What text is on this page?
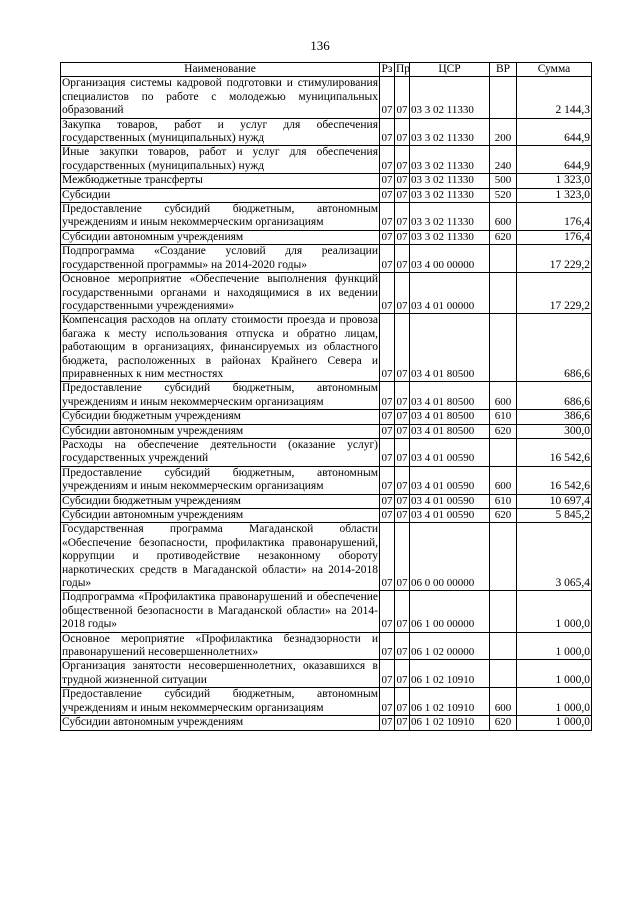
136
Наименование	Рз	Пр	ЦСР	ВР	Сумма
Организация системы кадровой подготовки и стимулирования специалистов по работе с молодежью муниципальных образований	07	07	03 3 02 11330		2 144,3
Закупка товаров, работ и услуг для обеспечения государственных (муниципальных) нужд	07	07	03 3 02 11330	200	644,9
Иные закупки товаров, работ и услуг для обеспечения государственных (муниципальных) нужд	07	07	03 3 02 11330	240	644,9
Межбюджетные трансферты	07	07	03 3 02 11330	500	1 323,0
Субсидии	07	07	03 3 02 11330	520	1 323,0
Предоставление субсидий бюджетным, автономным учреждениям и иным некоммерческим организациям	07	07	03 3 02 11330	600	176,4
Субсидии автономным учреждениям	07	07	03 3 02 11330	620	176,4
Подпрограмма «Создание условий для реализации государственной программы» на 2014-2020 годы»	07	07	03 4 00 00000		17 229,2
Основное мероприятие «Обеспечение выполнения функций государственными органами и находящимися в их ведении государственными учреждениями»	07	07	03 4 01 00000		17 229,2
Компенсация расходов на оплату стоимости проезда и провоза багажа к месту использования отпуска и обратно лицам, работающим в организациях, финансируемых из областного бюджета, расположенных в районах Крайнего Севера и приравненных к ним местностях	07	07	03 4 01 80500		686,6
Предоставление субсидий бюджетным, автономным учреждениям и иным некоммерческим организациям	07	07	03 4 01 80500	600	686,6
Субсидии бюджетным учреждениям	07	07	03 4 01 80500	610	386,6
Субсидии автономным учреждениям	07	07	03 4 01 80500	620	300,0
Расходы на обеспечение деятельности (оказание услуг) государственных учреждений	07	07	03 4 01 00590		16 542,6
Предоставление субсидий бюджетным, автономным учреждениям и иным некоммерческим организациям	07	07	03 4 01 00590	600	16 542,6
Субсидии бюджетным учреждениям	07	07	03 4 01 00590	610	10 697,4
Субсидии автономным учреждениям	07	07	03 4 01 00590	620	5 845,2
Государственная программа Магаданской области «Обеспечение безопасности, профилактика правонарушений, коррупции и противодействие незаконному обороту наркотических средств в Магаданской области» на 2014-2018 годы»	07	07	06 0 00 00000		3 065,4
Подпрограмма «Профилактика правонарушений и обеспечение общественной безопасности в Магаданской области» на 2014-2018 годы»	07	07	06 1 00 00000		1 000,0
Основное мероприятие «Профилактика безнадзорности и правонарушений несовершеннолетних»	07	07	06 1 02 00000		1 000,0
Организация занятости несовершеннолетних, оказавшихся в трудной жизненной ситуации	07	07	06 1 02 10910		1 000,0
Предоставление субсидий бюджетным, автономным учреждениям и иным некоммерческим организациям	07	07	06 1 02 10910	600	1 000,0
Субсидии автономным учреждениям	07	07	06 1 02 10910	620	1 000,0
